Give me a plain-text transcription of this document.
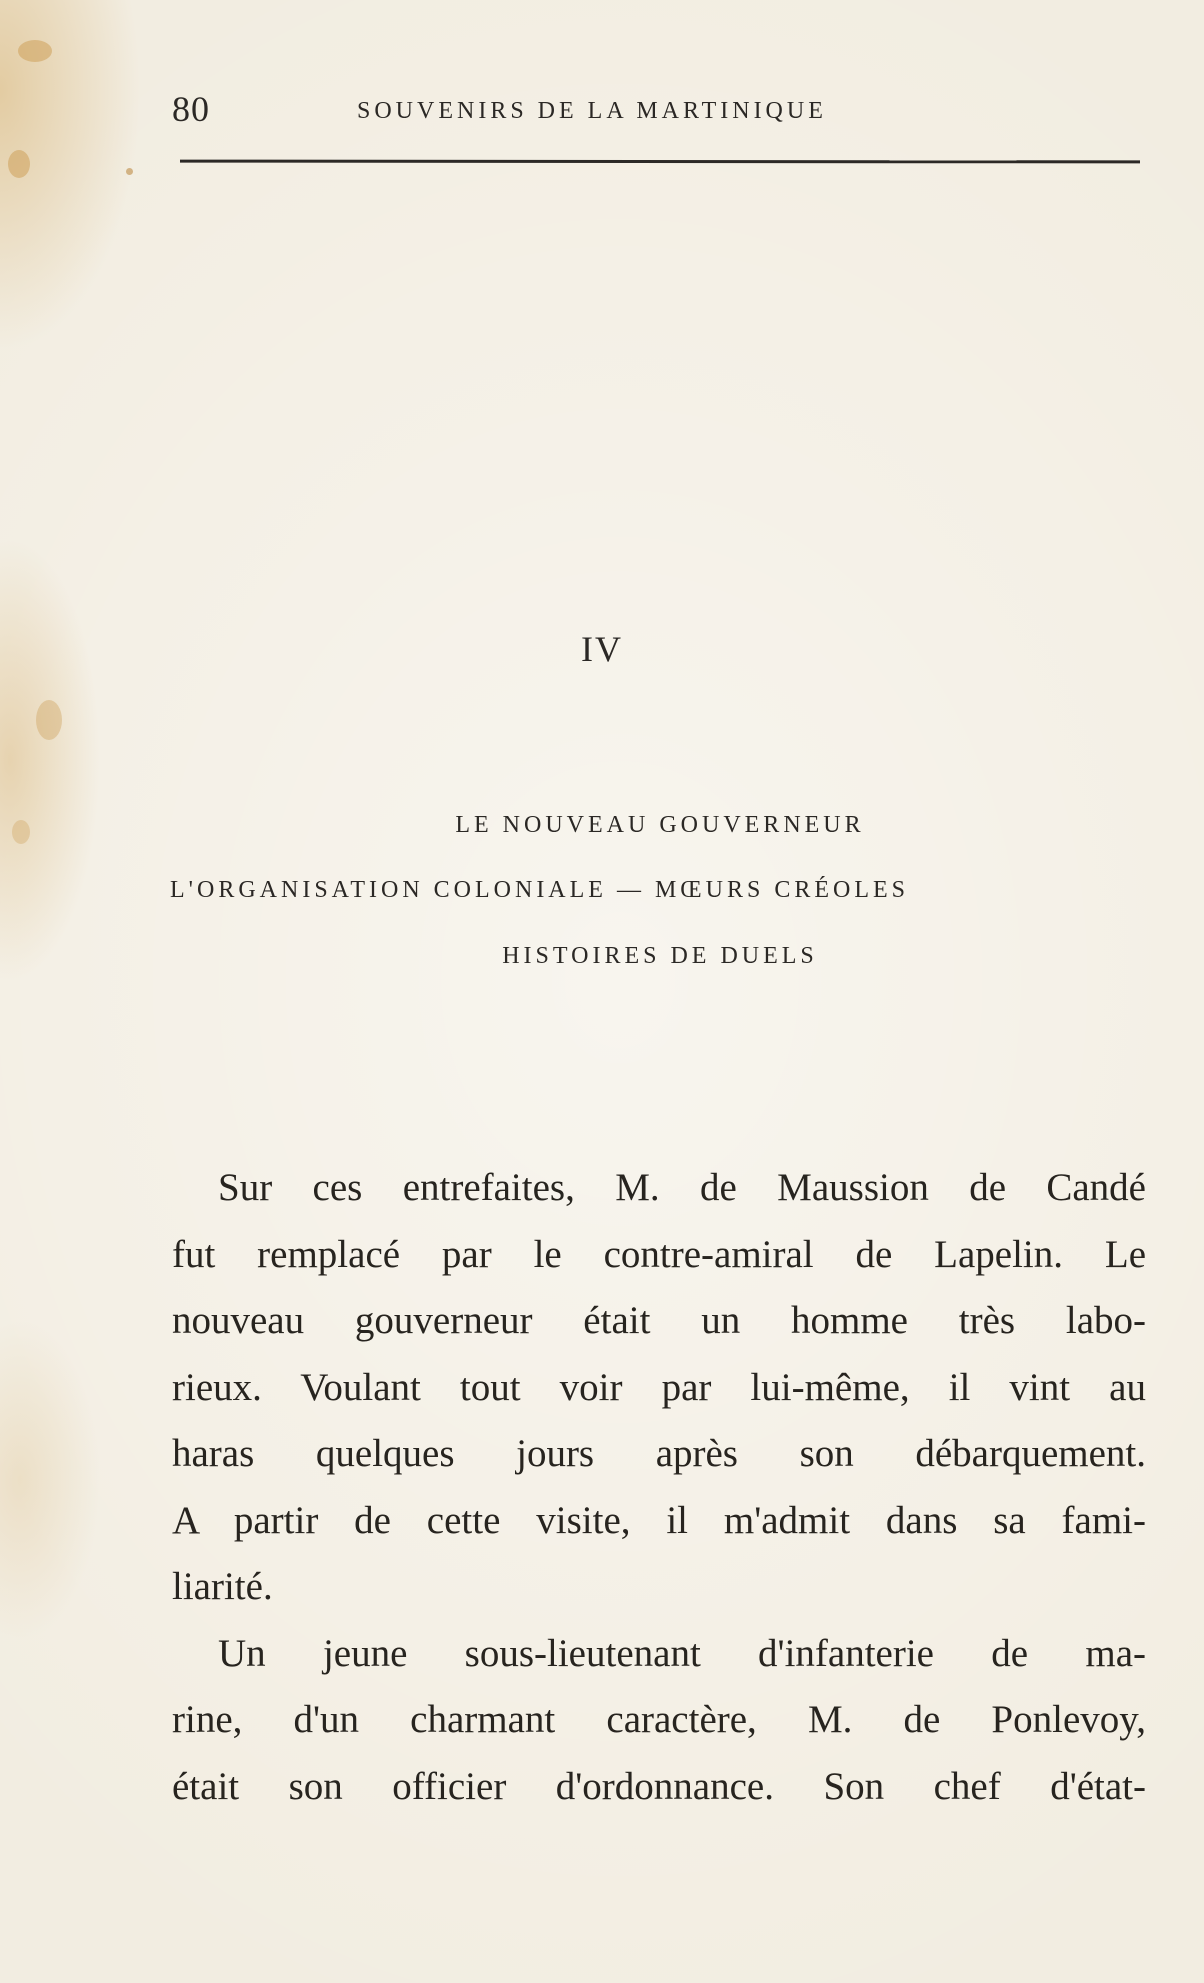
80	SOUVENIRS DE LA MARTINIQUE
IV
LE NOUVEAU GOUVERNEUR
L'ORGANISATION COLONIALE — MŒURS CRÉOLES
HISTOIRES DE DUELS
Sur ces entrefaites, M. de Maussion de Candé
fut remplacé par le contre-amiral de Lapelin. Le
nouveau gouverneur était un homme très labo-
rieux. Voulant tout voir par lui-même, il vint au
haras quelques jours après son débarquement.
A partir de cette visite, il m'admit dans sa fami-
liarité.
Un jeune sous-lieutenant d'infanterie de ma-
rine, d'un charmant caractère, M. de Ponlevoy,
était son officier d'ordonnance. Son chef d'état-
